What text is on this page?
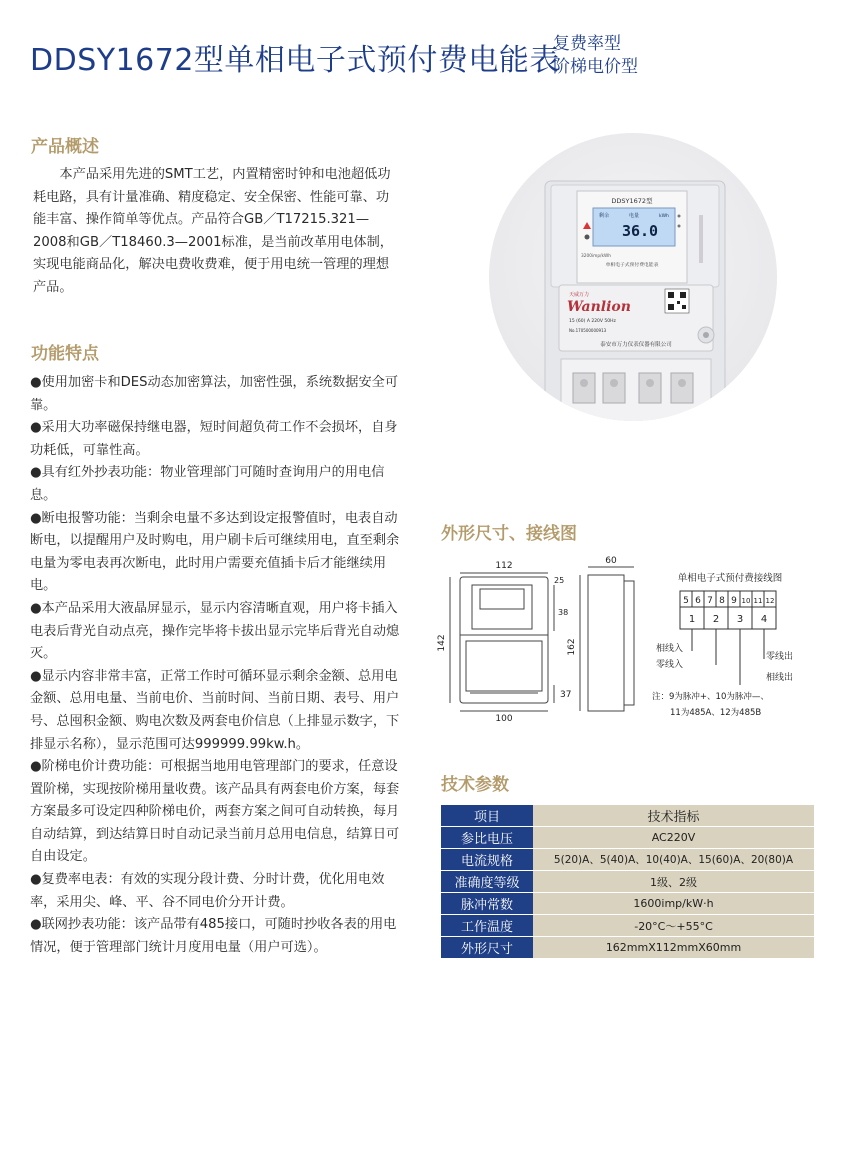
DDSY1672型单相电子式预付费电能表
复费率型
阶梯电价型
产品概述
本产品采用先进的SMT工艺，内置精密时钟和电池超低功耗电路，具有计量准确、精度稳定、安全保密、性能可靠、功能丰富、操作简单等优点。产品符合GB／T17215.321—2008和GB／T18460.3—2001标准，是当前改革用电体制，实现电能商品化，解决电费收费难，便于用电统一管理的理想产品。
功能特点

●使用加密卡和DES动态加密算法，加密性强，系统数据安全可靠。

●采用大功率磁保持继电器，短时间超负荷工作不会损坏，自身功耗低，可靠性高。

●具有红外抄表功能：物业管理部门可随时查询用户的用电信息。

●断电报警功能：当剩余电量不多达到设定报警值时，电表自动断电，以提醒用户及时购电，用户刷卡后可继续用电，直至剩余电量为零电表再次断电，此时用户需要充值插卡后才能继续用电。

●本产品采用大液晶屏显示，显示内容清晰直观，用户将卡插入电表后背光自动点亮，操作完毕将卡拔出显示完毕后背光自动熄灭。

●显示内容非常丰富，正常工作时可循环显示剩余金额、总用电金额、总用电量、当前电价、当前时间、当前日期、表号、用户号、总囤积金额、购电次数及两套电价信息（上排显示数字，下排显示名称），显示范围可达999999.99kw.h。

●阶梯电价计费功能：可根据当地用电管理部门的要求，任意设置阶梯，实现按阶梯用量收费。该产品具有两套电价方案，每套方案最多可设定四种阶梯电价，两套方案之间可自动转换，每月自动结算，到达结算日时自动记录当前月总用电信息，结算日可自由设定。

●复费率电表：有效的实现分段计费、分时计费，优化用电效率，采用尖、峰、平、谷不同电价分开计费。

●联网抄表功能：该产品带有485接口，可随时抄收各表的用电情况，便于管理部门统计月度用电量（用户可选）。

DDSY1672型
剩余	电量	kWh
36.0
3200imp/kWh
单相电子式预付费电能表
天威万力
Wanlion
15 (60) A 220V 50Hz
No.170500000913
泰安市万力仪表仪器有限公司
外形尺寸、接线图
112
142
100
37
25
38
60
162
单相电子式预付费接线图
5 6 7 8 9 10 11 12
1 2 3 4
相线入
零线入
零线出
相线出
注：9为脉冲+、10为脉冲—、
11为485A、12为485B
技术参数
项目	技术指标
参比电压	AC220V
电流规格	5(20)A、5(40)A、10(40)A、15(60)A、20(80)A
准确度等级	1级、2级
脉冲常数	1600imp/kW·h
工作温度	-20°C～+55°C
外形尺寸	162mmX112mmX60mm
